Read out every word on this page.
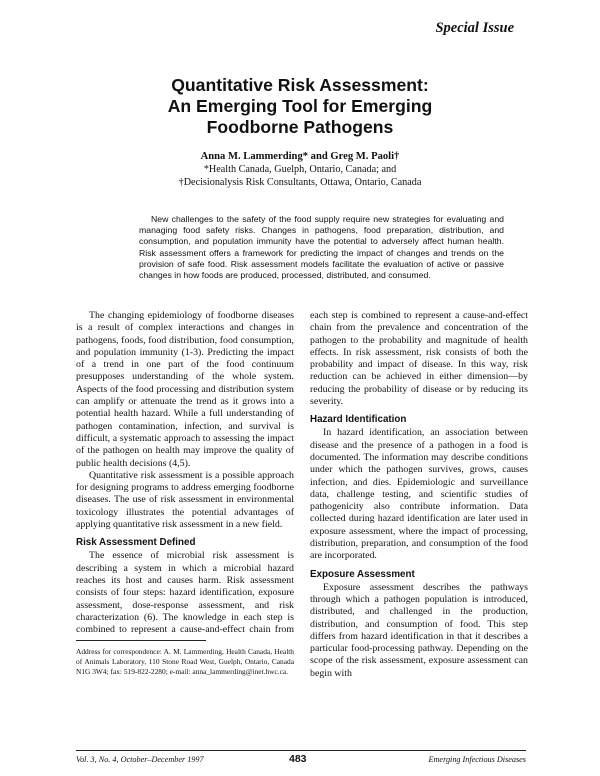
Special Issue
Quantitative Risk Assessment:
An Emerging Tool for Emerging
Foodborne Pathogens
Anna M. Lammerding* and Greg M. Paoli†
*Health Canada, Guelph, Ontario, Canada; and
†Decisionalysis Risk Consultants, Ottawa, Ontario, Canada
New challenges to the safety of the food supply require new strategies for evaluating and managing food safety risks. Changes in pathogens, food preparation, distribution, and consumption, and population immunity have the potential to adversely affect human health. Risk assessment offers a framework for predicting the impact of changes and trends on the provision of safe food. Risk assessment models facilitate the evaluation of active or passive changes in how foods are produced, processed, distributed, and consumed.

The changing epidemiology of foodborne diseases is a result of complex interactions and changes in pathogens, foods, food distribution, food consumption, and population immunity (1-3). Predicting the impact of a trend in one part of the food continuum presupposes understanding of the whole system. Aspects of the food processing and distribution system can amplify or attenuate the trend as it grows into a potential health hazard. While a full understanding of pathogen contamination, infection, and survival is difficult, a systematic approach to assessing the impact of the pathogen on health may improve the quality of public health decisions (4,5).

Quantitative risk assessment is a possible approach for designing programs to address emerging foodborne diseases. The use of risk assessment in environmental toxicology illustrates the potential advantages of applying quantitative risk assessment in a new field.

Risk Assessment Defined

The essence of microbial risk assessment is describing a system in which a microbial hazard reaches its host and causes harm. Risk assessment consists of four steps: hazard identification, exposure assessment, dose-response assessment, and risk characterization (6). The knowledge in each step is combined to represent a cause-and-effect chain from

each step is combined to represent a cause-and-effect chain from the prevalence and concentration of the pathogen to the probability and magnitude of health effects. In risk assessment, risk consists of both the probability and impact of disease. In this way, risk reduction can be achieved in either dimension—by reducing the probability of disease or by reducing its severity.

Hazard Identification

In hazard identification, an association between disease and the presence of a pathogen in a food is documented. The information may describe conditions under which the pathogen survives, grows, causes infection, and dies. Epidemiologic and surveillance data, challenge testing, and scientific studies of pathogenicity also contribute information. Data collected during hazard identification are later used in exposure assessment, where the impact of processing, distribution, preparation, and consumption of the food are incorporated.

Exposure Assessment

Exposure assessment describes the pathways through which a pathogen population is introduced, distributed, and challenged in the production, distribution, and consumption of food. This step differs from hazard identification in that it describes a particular food-processing pathway. Depending on the scope of the risk assessment, exposure assessment can begin with

Address for correspondence: A. M. Lammerding, Health Canada, Health of Animals Laboratory, 110 Stone Road West, Guelph, Ontario, Canada N1G 3W4; fax: 519-822-2280; e-mail: anna_lammerding@inet.hwc.ca.
Vol. 3, No. 4, October–December 1997	483	Emerging Infectious Diseases
